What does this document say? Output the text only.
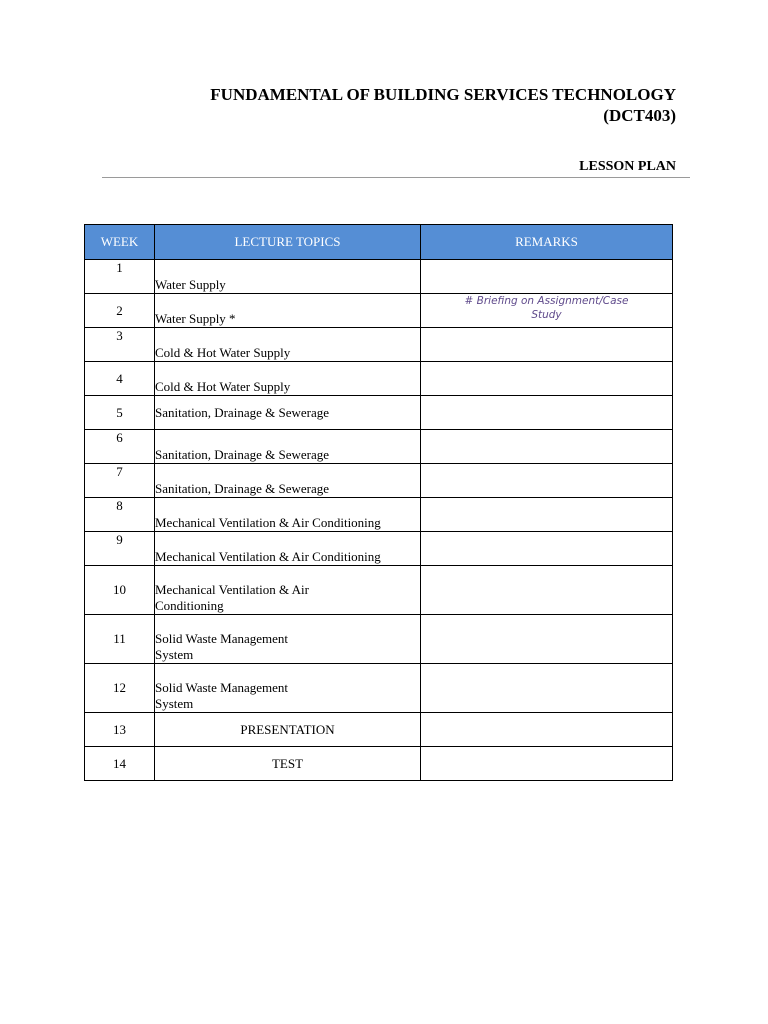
FUNDAMENTAL OF BUILDING SERVICES TECHNOLOGY
(DCT403)
LESSON PLAN
WEEK	LECTURE TOPICS	REMARKS
1	Water Supply	
2	Water Supply *	# Briefing on Assignment/Case
Study

3	Cold & Hot Water Supply	
4	Cold & Hot Water Supply	
5	Sanitation, Drainage & Sewerage	
6	Sanitation, Drainage & Sewerage	
7	Sanitation, Drainage & Sewerage	
8	Mechanical Ventilation & Air Conditioning	
9	Mechanical Ventilation & Air Conditioning	
10	Mechanical Ventilation & Air
Conditioning	

11	Solid Waste Management
System	

12	Solid Waste Management
System	

13	PRESENTATION	
14	TEST	
